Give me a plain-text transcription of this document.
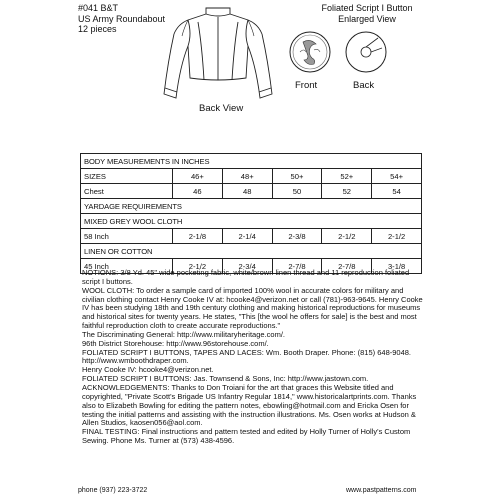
#041 B&T
US Army Roundabout
12 pieces
Foliated Script I Button
Enlarged View
Back View
Front	Back
BODY MEASUREMENTS IN INCHES					
SIZES	46+	48+	50+	52+	54+
Chest	46	48	50	52	54
YARDAGE REQUIREMENTS					
MIXED GREY WOOL CLOTH					
58 Inch	2-1/8	2-1/4	2-3/8	2-1/2	2-1/2
LINEN OR COTTON					
45 Inch	2-1/2	2-3/4	2-7/8	2-7/8	3-1/8

NOTIONS: 3/8 Yd. 45" wide pocketing fabric, white/brown linen thread and 11 reproduction foliated script I buttons.

WOOL CLOTH: To order a sample card of imported 100% wool in accurate colors for military and civilian clothing contact Henry Cooke IV at: hcooke4@verizon.net or call (781)-963-9645. Henry Cooke IV has been studying 18th and 19th century clothing and making historical reproductions for museums and historical sites for twenty years. He states, "This [the wool he offers for sale] is the best and most faithful reproduction cloth to create accurate reproductions."

The Discriminating General: http://www.militaryheritage.com/.

96th District Storehouse: http://www.96storehouse.com/.

FOLIATED SCRIPT I BUTTONS, TAPES AND LACES: Wm. Booth Draper. Phone: (815) 648-9048. http://www.wmboothdraper.com.

Henry Cooke IV: hcooke4@verizon.net.

FOLIATED SCRIPT I BUTTONS: Jas. Townsend & Sons, Inc: http://www.jastown.com.

ACKNOWLEDGEMENTS: Thanks to Don Troiani for the art that graces this Website titled and copyrighted, "Private Scott's Brigade US Infantry Regular 1814," www.historicalartprints.com. Thanks also to Elizabeth Bowling for editing the pattern notes, ebowling@hotmail.com and Ericka Osen for testing the initial patterns and assisting with the instruction illustrations. Ms. Osen works at Hudson & Allen Studios, kaosen056@aol.com.

FINAL TESTING: Final instructions and pattern tested and edited by Holly Turner of Holly's Custom Sewing. Phone Ms. Turner at (573) 438-4596.

phone (937) 223-3722	www.pastpatterns.com
